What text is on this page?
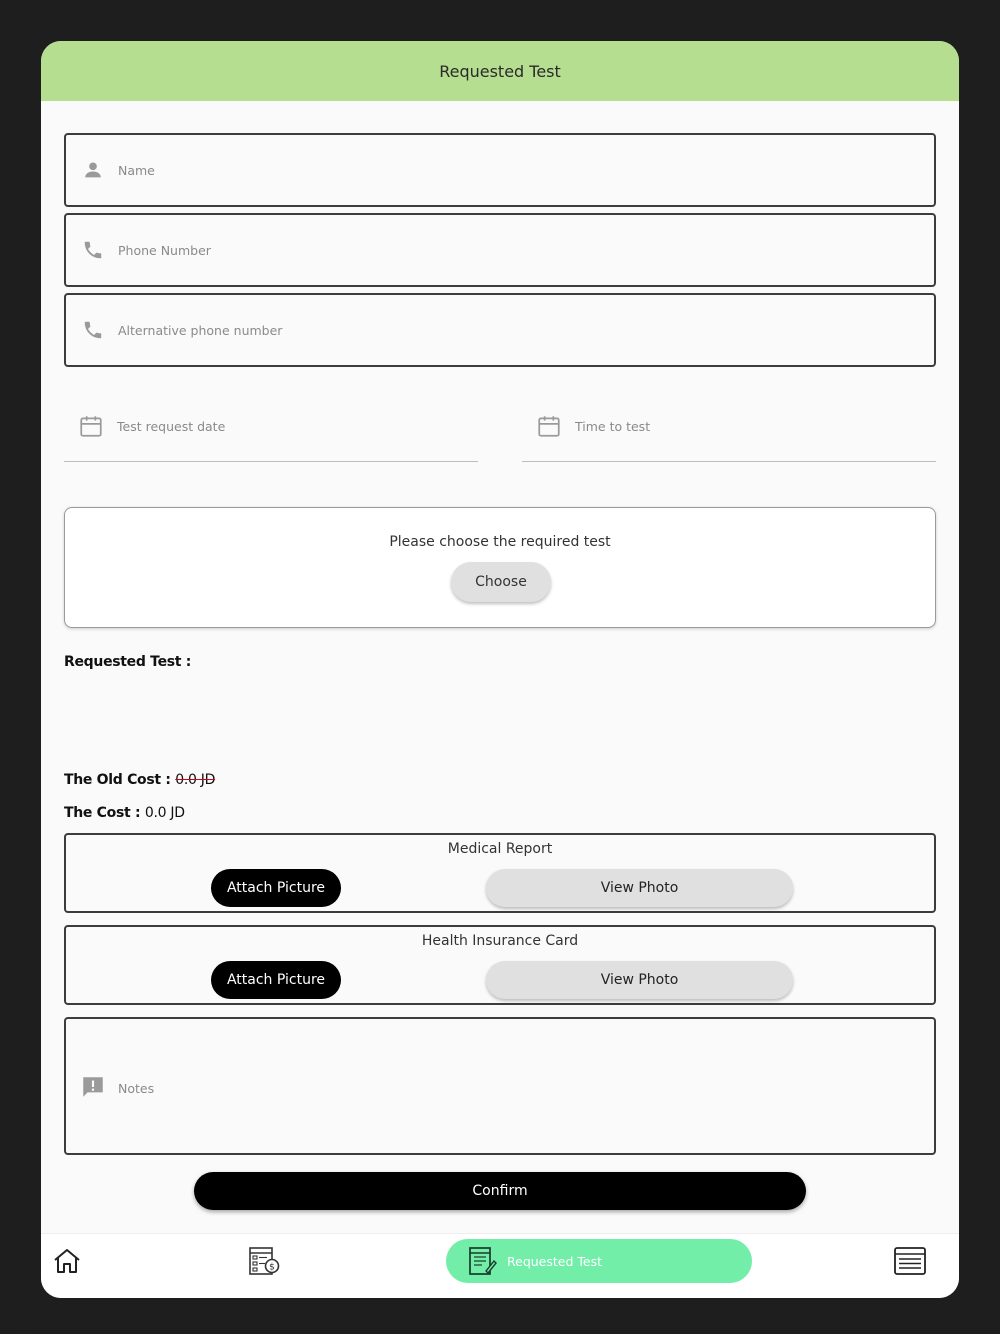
Requested Test
Name
Phone Number
Alternative phone number
Test request date	Time to test
Please choose the required test
Choose
Requested Test :
The Old Cost : 0.0 JD
The Cost : 0.0 JD
Medical Report
Attach Picture	View Photo
Health Insurance Card
Attach Picture	View Photo
Notes
Confirm
$	Requested Test
